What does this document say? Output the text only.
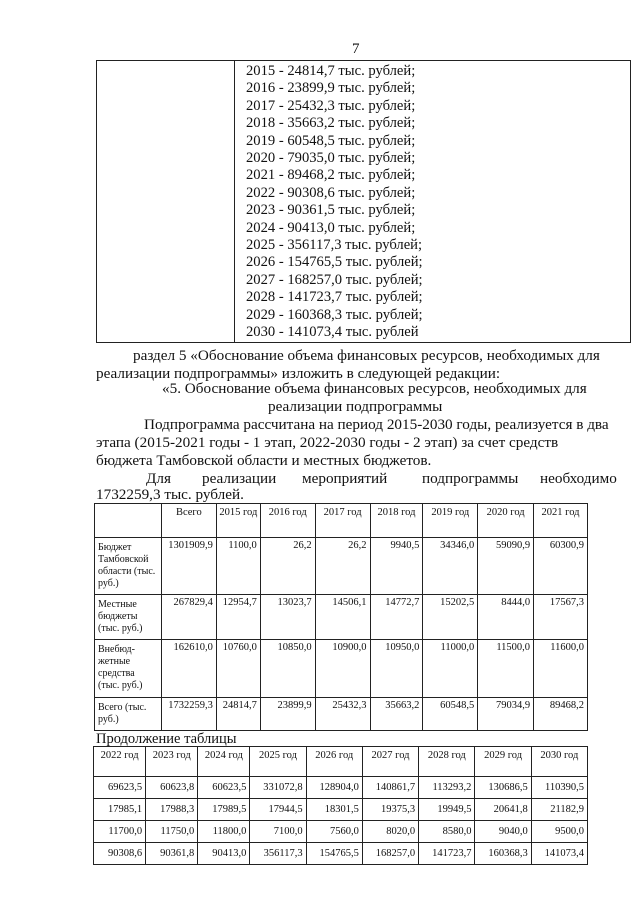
7

2015 - 24814,7 тыс. рублей;
2016 - 23899,9 тыс. рублей;
2017 - 25432,3 тыс. рублей;
2018 - 35663,2 тыс. рублей;
2019 - 60548,5 тыс. рублей;
2020 - 79035,0 тыс. рублей;
2021 - 89468,2 тыс. рублей;
2022 - 90308,6 тыс. рублей;
2023 - 90361,5 тыс. рублей;
2024 - 90413,0 тыс. рублей;
2025 - 356117,3 тыс. рублей;
2026 - 154765,5 тыс. рублей;
2027 - 168257,0 тыс. рублей;
2028 - 141723,7 тыс. рублей;
2029 - 160368,3 тыс. рублей;
2030 - 141073,4 тыс. рублей
раздел 5 «Обоснование объема финансовых ресурсов, необходимых для
реализации подпрограммы» изложить в следующей редакции:
«5. Обоснование объема финансовых ресурсов, необходимых для
реализации подпрограммы
Подпрограмма рассчитана на период 2015-2030 годы, реализуется в два
этапа (2015-2021 годы - 1 этап, 2022-2030 годы - 2 этап) за счет средств
бюджета Тамбовской области и местных бюджетов.
Для реализации мероприятий подпрограммы необходимо
1732259,3 тыс. рублей.
	Всего	2015 год	2016 год	2017 год	2018 год	2019 год	2020 год	2021 год
Бюджет Тамбовской области (тыс. руб.)	1301909,9	1100,0	26,2	26,2	9940,5	34346,0	59090,9	60300,9
Местные бюджеты (тыс. руб.)	267829,4	12954,7	13023,7	14506,1	14772,7	15202,5	8444,0	17567,3
Внебюд-жетные средства (тыс. руб.)	162610,0	10760,0	10850,0	10900,0	10950,0	11000,0	11500,0	11600,0
Всего (тыс. руб.)	1732259,3	24814,7	23899,9	25432,3	35663,2	60548,5	79034,9	89468,2
Продолжение таблицы
2022 год	2023 год	2024 год	2025 год	2026 год	2027 год	2028 год	2029 год	2030 год
69623,5	60623,8	60623,5	331072,8	128904,0	140861,7	113293,2	130686,5	110390,5
17985,1	17988,3	17989,5	17944,5	18301,5	19375,3	19949,5	20641,8	21182,9
11700,0	11750,0	11800,0	7100,0	7560,0	8020,0	8580,0	9040,0	9500,0
90308,6	90361,8	90413,0	356117,3	154765,5	168257,0	141723,7	160368,3	141073,4
